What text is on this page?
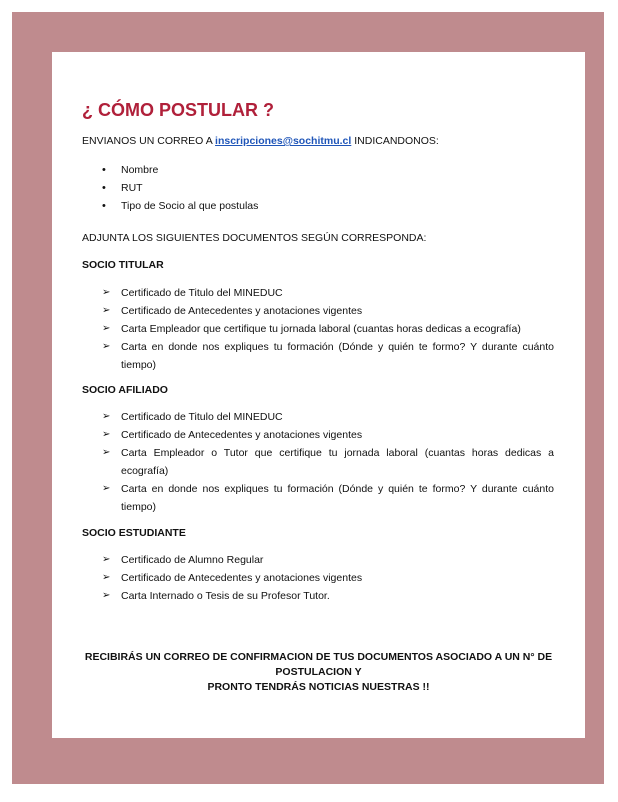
¿ CÓMO POSTULAR ?
ENVIANOS UN CORREO A inscripciones@sochitmu.cl INDICANDONOS:
• Nombre
• RUT
• Tipo de Socio al que postulas
ADJUNTA LOS SIGUIENTES DOCUMENTOS SEGÚN CORRESPONDA:
SOCIO TITULAR
➢ Certificado de Titulo del MINEDUC
➢ Certificado de Antecedentes y anotaciones vigentes
➢ Carta Empleador que certifique tu jornada laboral (cuantas horas dedicas a ecografía)
➢ Carta en donde nos expliques tu formación (Dónde y quién te formo? Y durante cuánto tiempo)
SOCIO AFILIADO
➢ Certificado de Titulo del MINEDUC
➢ Certificado de Antecedentes y anotaciones vigentes
➢ Carta Empleador o Tutor que certifique tu jornada laboral (cuantas horas dedicas a ecografía)
➢ Carta en donde nos expliques tu formación (Dónde y quién te formo? Y durante cuánto tiempo)
SOCIO ESTUDIANTE
➢ Certificado de Alumno Regular
➢ Certificado de Antecedentes y anotaciones vigentes
➢ Carta Internado o Tesis de su Profesor Tutor.
RECIBIRÁS UN CORREO DE CONFIRMACION DE TUS DOCUMENTOS ASOCIADO A UN N° DE POSTULACION Y
PRONTO TENDRÁS NOTICIAS NUESTRAS !!
